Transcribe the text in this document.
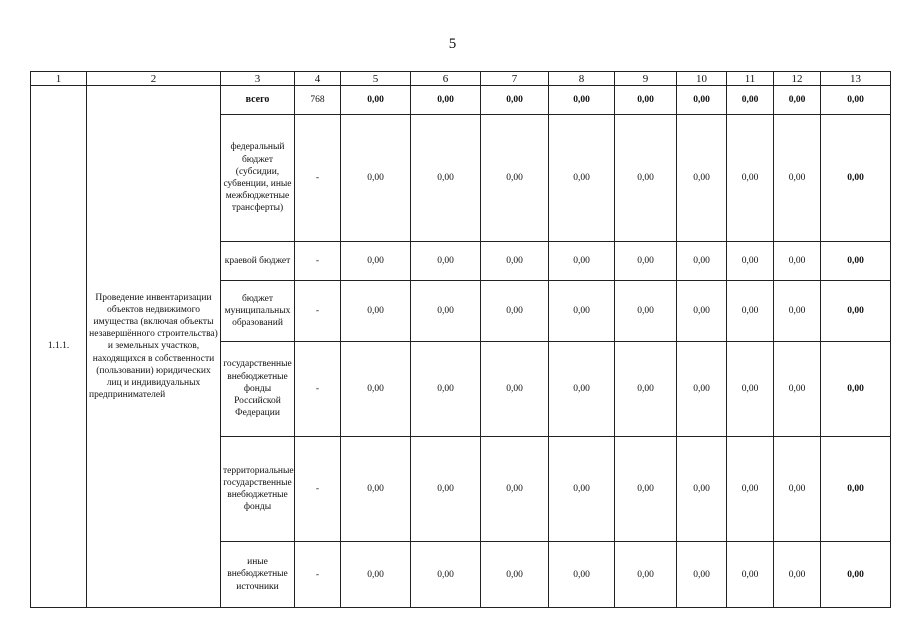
5
1	2	3	4	5	6	7	8	9	10	11	12	13
1.1.1.	Проведение инвентаризации объектов недвижимого имущества (включая объекты незавершённого строительства) и земельных участков, находящихся в собственности (пользовании) юридических лиц и индивидуальных предпринимателей	всего	768	0,00	0,00	0,00	0,00	0,00	0,00	0,00	0,00	0,00
		федеральный бюджет (субсидии, субвенции, иные межбюджетные трансферты)	-	0,00	0,00	0,00	0,00	0,00	0,00	0,00	0,00	0,00
		краевой бюджет	-	0,00	0,00	0,00	0,00	0,00	0,00	0,00	0,00	0,00
		бюджет муниципальных образований	-	0,00	0,00	0,00	0,00	0,00	0,00	0,00	0,00	0,00
		государственные внебюджетные фонды Российской Федерации	-	0,00	0,00	0,00	0,00	0,00	0,00	0,00	0,00	0,00
		территориальные государственные внебюджетные фонды	-	0,00	0,00	0,00	0,00	0,00	0,00	0,00	0,00	0,00
		иные внебюджетные источники	-	0,00	0,00	0,00	0,00	0,00	0,00	0,00	0,00	0,00
